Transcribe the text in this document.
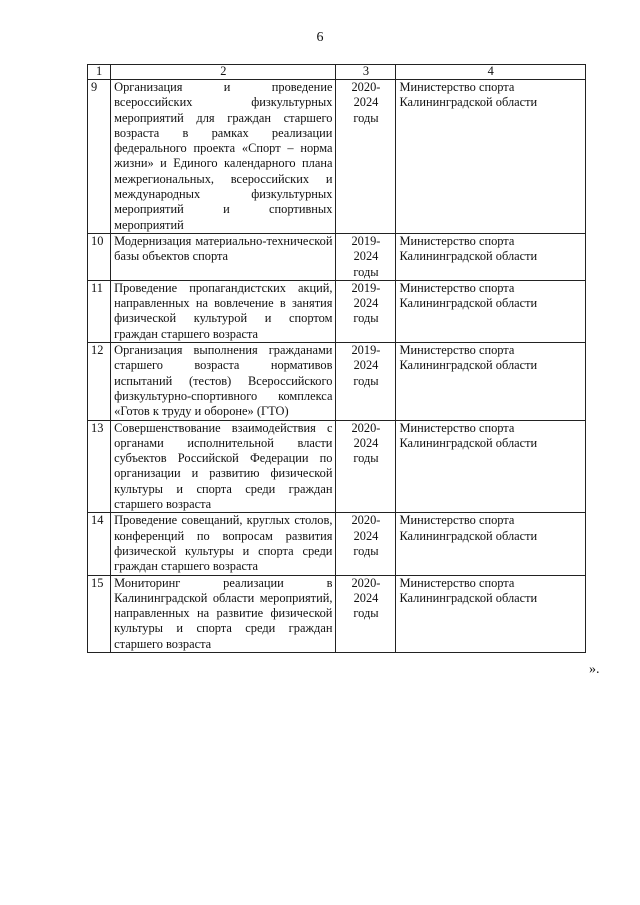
6
1	2	3	4
9	Организация и проведение всероссийских физкультурных мероприятий для граждан старшего возраста в рамках реализации федерального проекта «Спорт – норма жизни» и Единого календарного плана межрегиональных, всероссийских и международных физкультурных мероприятий и спортивных мероприятий	2020-2024 годы	Министерство спорта Калининградской области
10	Модернизация материально-технической базы объектов спорта	2019-2024 годы	Министерство спорта Калининградской области
11	Проведение пропагандистских акций, направленных на вовлечение в занятия физической культурой и спортом граждан старшего возраста	2019-2024 годы	Министерство спорта Калининградской области
12	Организация выполнения гражданами старшего возраста нормативов испытаний (тестов) Всероссийского физкультурно-спортивного комплекса «Готов к труду и обороне» (ГТО)	2019-2024 годы	Министерство спорта Калининградской области
13	Совершенствование взаимодействия с органами исполнительной власти субъектов Российской Федерации по организации и развитию физической культуры и спорта среди граждан старшего возраста	2020-2024 годы	Министерство спорта Калининградской области
14	Проведение совещаний, круглых столов, конференций по вопросам развития физической культуры и спорта среди граждан старшего возраста	2020-2024 годы	Министерство спорта Калининградской области
15	Мониторинг реализации в Калининградской области мероприятий, направленных на развитие физической культуры и спорта среди граждан старшего возраста	2020-2024 годы	Министерство спорта Калининградской области
».
